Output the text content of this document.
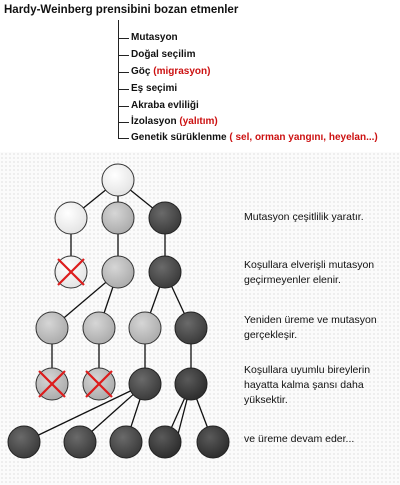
Hardy-Weinberg prensibini bozan etmenler
Mutasyon
Doğal seçilim
Göç (migrasyon)
Eş seçimi
Akraba evliliği
İzolasyon (yalıtım)
Genetik sürüklenme ( sel, orman yangını, heyelan...)
Mutasyon çeşitlilik yaratır.
Koşullara elverişli mutasyon geçirmeyenler elenir.
Yeniden üreme ve mutasyon gerçekleşir.
Koşullara uyumlu bireylerin hayatta kalma şansı daha yüksektir.
ve üreme devam eder...
